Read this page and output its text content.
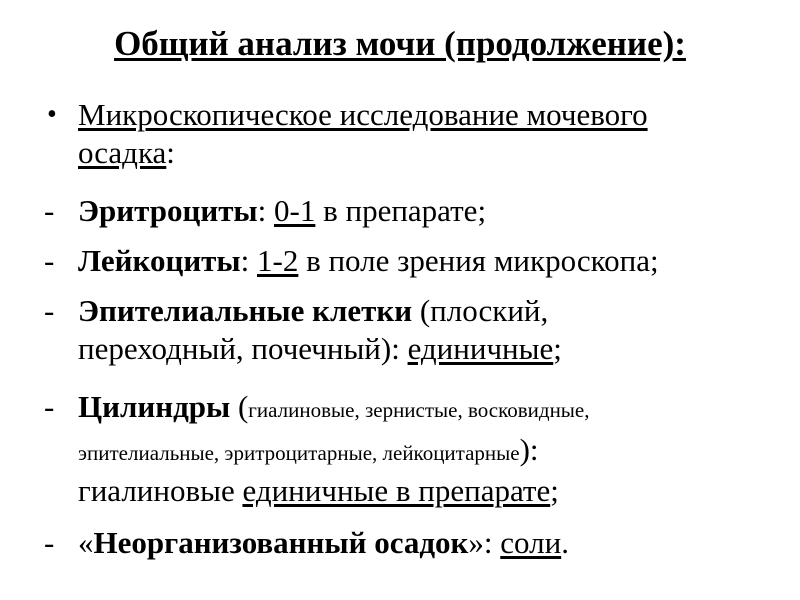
Общий анализ мочи (продолжение):
• Микроскопическое исследование мочевого
осадка:
- Эритроциты: 0-1 в препарате;
- Лейкоциты: 1-2 в поле зрения микроскопа;
- Эпителиальные клетки (плоский,
переходный, почечный): единичные;
- Цилиндры (гиалиновые, зернистые, восковидные,
эпителиальные, эритроцитарные, лейкоцитарные):
гиалиновые единичные в препарате;
- «Неорганизованный осадок»: соли.
